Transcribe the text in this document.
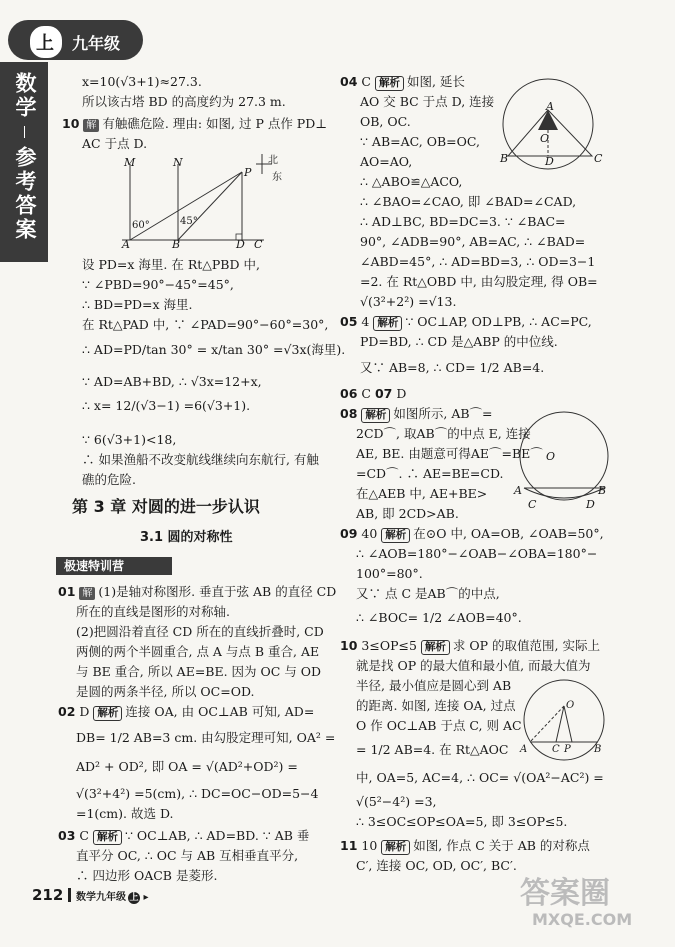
上 九年级
数学
参考答案
x=10(√3+1)≈27.3.
所以该古塔 BD 的高度约为 27.3 m.
10 解 有触礁危险. 理由: 如图, 过 P 点作 PD⊥
AC 于点 D.
M	N
P
北
东
60°	45°
A	B	D C
设 PD=x 海里. 在 Rt△PBD 中,
∵ ∠PBD=90°−45°=45°,
∴ BD=PD=x 海里.
在 Rt△PAD 中, ∵ ∠PAD=90°−60°=30°,
∴ AD=PD/tan 30° = x/tan 30° =√3x(海里).
∵ AD=AB+BD, ∴ √3x=12+x,
∴ x= 12/(√3−1) =6(√3+1).
∵ 6(√3+1)<18,
∴ 如果渔船不改变航线继续向东航行, 有触
礁的危险.
第 3 章 对圆的进一步认识
3.1 圆的对称性
极速特训营
01 解 (1)是轴对称图形. 垂直于弦 AB 的直径 CD
所在的直线是图形的对称轴.
(2)把圆沿着直径 CD 所在的直线折叠时, CD
两侧的两个半圆重合, 点 A 与点 B 重合, AE
与 BE 重合, 所以 AE=BE. 因为 OC 与 OD
是圆的两条半径, 所以 OC=OD.
02 D 解析 连接 OA, 由 OC⊥AB 可知, AD=
DB= 1/2 AB=3 cm. 由勾股定理可知, OA² =
AD² + OD², 即 OA = √(AD²+OD²) =
√(3²+4²) =5(cm), ∴ DC=OC−OD=5−4
=1(cm). 故选 D.
03 C 解析 ∵ OC⊥AB, ∴ AD=BD. ∵ AB 垂
直平分 OC, ∴ OC 与 AB 互相垂直平分,
∴ 四边形 OACB 是菱形.
04 C 解析 如图, 延长
AO 交 BC 于点 D, 连接
OB, OC.
∵ AB=AC, OB=OC,
AO=AO,
∴ △ABO≌△ACO,
A
O
B	D	C
∴ ∠BAO=∠CAO, 即 ∠BAD=∠CAD,
∴ AD⊥BC, BD=DC=3. ∵ ∠BAC=
90°, ∠ADB=90°, AB=AC, ∴ ∠BAD=
∠ABD=45°, ∴ AD=BD=3, ∴ OD=3−1
=2. 在 Rt△OBD 中, 由勾股定理, 得 OB=
√(3²+2²) =√13.
05 4 解析 ∵ OC⊥AP, OD⊥PB, ∴ AC=PC,
PD=BD, ∴ CD 是△ABP 的中位线.
又∵ AB=8, ∴ CD= 1/2 AB=4.
06 C 07 D
08 解析 如图所示, AB⌒=
2CD⌒, 取AB⌒的中点 E, 连接
AE, BE. 由题意可得AE⌒=BE⌒
=CD⌒. ∴ AE=BE=CD.
在△AEB 中, AE+BE>
AB, 即 2CD>AB.
O
A	B
C	D
09 40 解析 在⊙O 中, OA=OB, ∠OAB=50°,
∴ ∠AOB=180°−∠OAB−∠OBA=180°−
100°=80°.
又∵ 点 C 是AB⌒的中点,
∴ ∠BOC= 1/2 ∠AOB=40°.
10 3≤OP≤5 解析 求 OP 的取值范围, 实际上
就是找 OP 的最大值和最小值, 而最大值为
半径, 最小值应是圆心到 AB
的距离. 如图, 连接 OA, 过点
O 作 OC⊥AB 于点 C, 则 AC
= 1/2 AB=4. 在 Rt△AOC
中, OA=5, AC=4, ∴ OC= √(OA²−AC²) =
√(5²−4²) =3,
∴ 3≤OC≤OP≤OA=5, 即 3≤OP≤5.
O
A C P B
11 10 解析 如图, 作点 C 关于 AB 的对称点
C′, 连接 OC, OD, OC′, BC′.
212 数学九年级 上 ▸	答案圈
MXQE.COM
